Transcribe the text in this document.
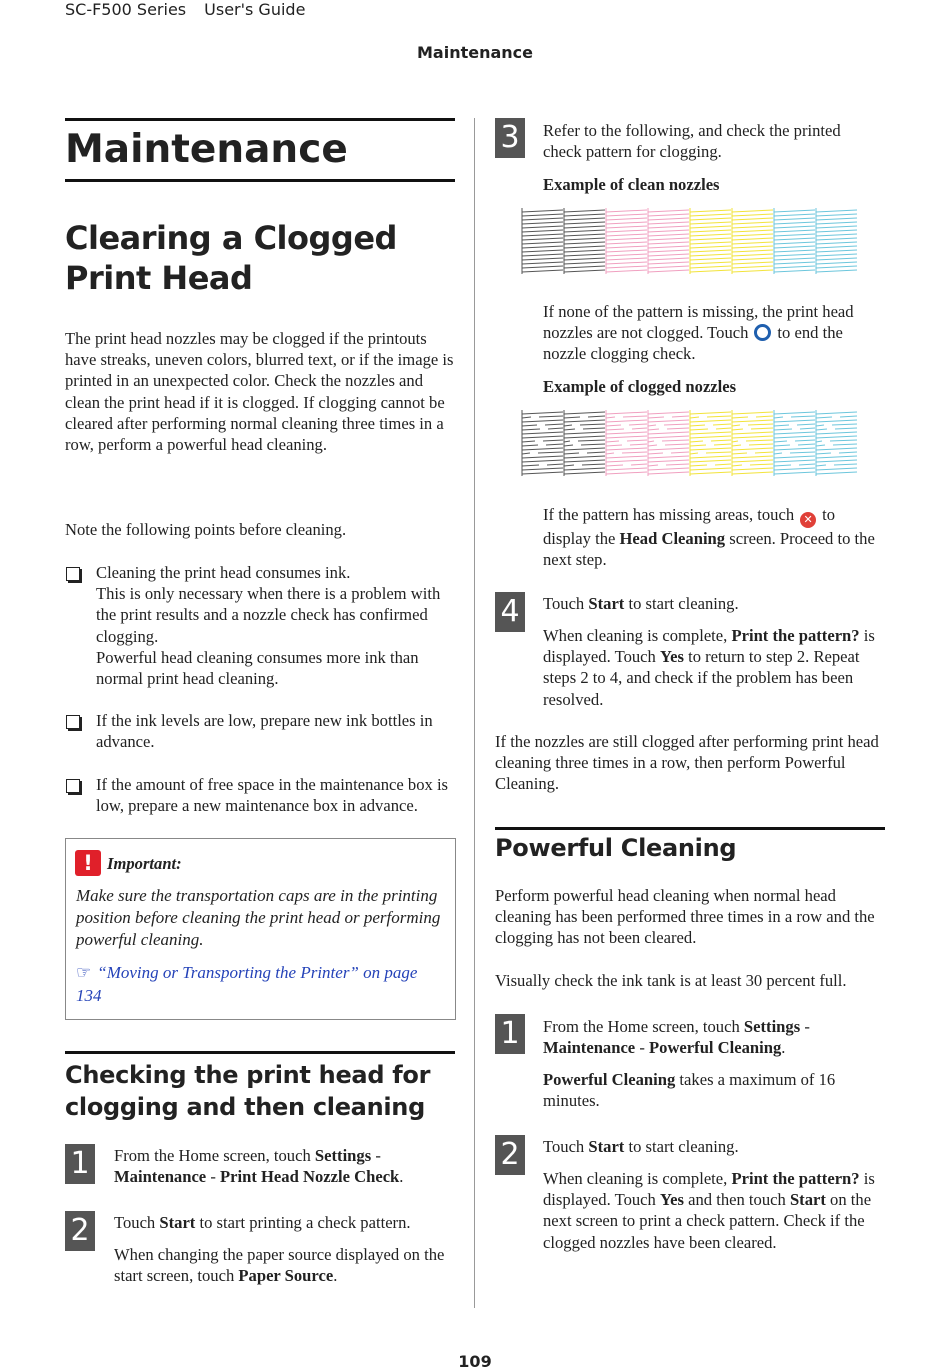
SC-F500 Series User's Guide
Maintenance
Maintenance
Clearing a Clogged Print Head

The print head nozzles may be clogged if the printouts have streaks, uneven colors, blurred text, or if the image is printed in an unexpected color. Check the nozzles and clean the print head if it is clogged. If clogging cannot be cleared after performing normal cleaning three times in a row, perform a powerful head cleaning.

Note the following points before cleaning.

Cleaning the print head consumes ink.
This is only necessary when there is a problem with the print results and a nozzle check has confirmed clogging.
Powerful head cleaning consumes more ink than normal print head cleaning.

If the ink levels are low, prepare new ink bottles in advance.

If the amount of free space in the maintenance box is low, prepare a new maintenance box in advance.

! Important:

Make sure the transportation caps are in the printing position before cleaning the print head or performing powerful cleaning.

☞ “Moving or Transporting the Printer” on page 134

Checking the print head for clogging and then cleaning
1	From the Home screen, touch Settings - Maintenance - Print Head Nozzle Check.

2	Touch Start to start printing a check pattern.

When changing the paper source displayed on the start screen, touch Paper Source.

3	Refer to the following, and check the printed check pattern for clogging.

Example of clean nozzles

If none of the pattern is missing, the print head nozzles are not clogged. Touch to end the nozzle clogging check.

Example of clogged nozzles

If the pattern has missing areas, touch ✕ to display the Head Cleaning screen. Proceed to the next step.

4	Touch Start to start cleaning.

When cleaning is complete, Print the pattern? is displayed. Touch Yes to return to step 2. Repeat steps 2 to 4, and check if the problem has been resolved.

If the nozzles are still clogged after performing print head cleaning three times in a row, then perform Powerful Cleaning.

Powerful Cleaning

Perform powerful head cleaning when normal head cleaning has been performed three times in a row and the clogging has not been cleared.

Visually check the ink tank is at least 30 percent full.

1	From the Home screen, touch Settings - Maintenance - Powerful Cleaning.

Powerful Cleaning takes a maximum of 16 minutes.

2	Touch Start to start cleaning.

When cleaning is complete, Print the pattern? is displayed. Touch Yes and then touch Start on the next screen to print a check pattern. Check if the clogged nozzles have been cleared.

109
